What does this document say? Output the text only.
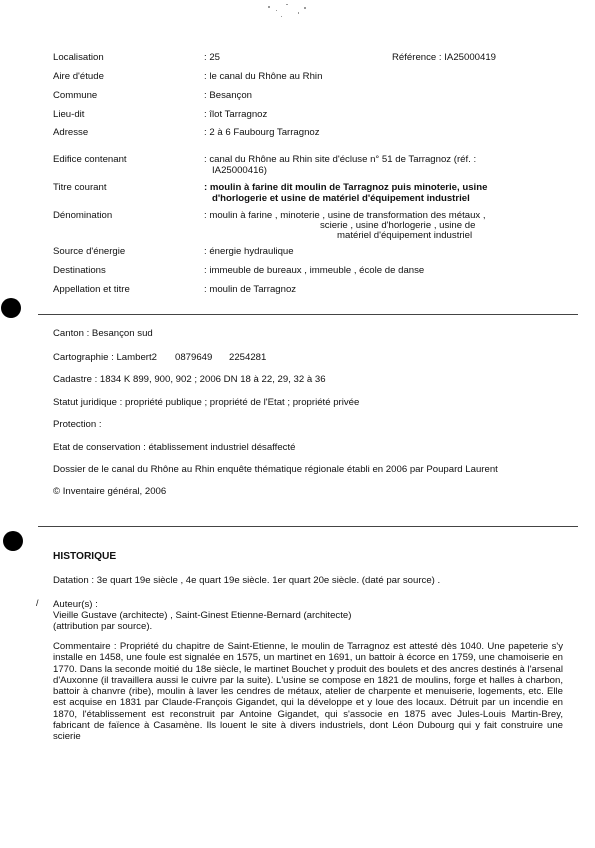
Localisation	: 25	Référence : IA25000419
Aire d'étude	: le canal du Rhône au Rhin
Commune	: Besançon
Lieu-dit	: îlot Tarragnoz
Adresse	: 2 à 6 Faubourg Tarragnoz
Edifice contenant	: canal du Rhône au Rhin site d'écluse n° 51 de Tarragnoz (réf. :
IA25000416)
Titre courant	: moulin à farine dit moulin de Tarragnoz puis minoterie, usine
d'horlogerie et usine de matériel d'équipement industriel
Dénomination	: moulin à farine , minoterie , usine de transformation des métaux ,
scierie , usine d'horlogerie , usine de
matériel d'équipement industriel
Source d'énergie	: énergie hydraulique
Destinations	: immeuble de bureaux , immeuble , école de danse
Appellation et titre	: moulin de Tarragnoz
Canton : Besançon sud
Cartographie : Lambert2 0879649 2254281
Cadastre : 1834 K 899, 900, 902 ; 2006 DN 18 à 22, 29, 32 à 36
Statut juridique : propriété publique ; propriété de l'Etat ; propriété privée
Protection :
Etat de conservation : établissement industriel désaffecté
Dossier de le canal du Rhône au Rhin enquête thématique régionale établi en 2006 par Poupard Laurent
© Inventaire général, 2006
HISTORIQUE
Datation : 3e quart 19e siècle , 4e quart 19e siècle. 1er quart 20e siècle. (daté par source) .
/ Auteur(s) :
Vieille Gustave (architecte) , Saint-Ginest Etienne-Bernard (architecte)
(attribution par source).
Commentaire : Propriété du chapitre de Saint-Etienne, le moulin de Tarragnoz est attesté dès 1040. Une papeterie s'y installe en 1458, une foule est signalée en 1575, un martinet en 1691, un battoir à écorce en 1759, une chamoiserie en 1770. Dans la seconde moitié du 18e siècle, le martinet Bouchet y produit des boulets et des ancres destinés à l'arsenal d'Auxonne (il travaillera aussi le cuivre par la suite). L'usine se compose en 1821 de moulins, forge et halles à charbon, battoir à chanvre (ribe), moulin à laver les cendres de métaux, atelier de charpente et menuiserie, logements, etc. Elle est acquise en 1831 par Claude-François Gigandet, qui la développe et y loue des locaux. Détruit par un incendie en 1870, l'établissement est reconstruit par Antoine Gigandet, qui s'associe en 1875 avec Jules-Louis Martin-Brey, fabricant de faïence à Casamène. Ils louent le site à divers industriels, dont Léon Dubourg qui y fait construire une scierie
